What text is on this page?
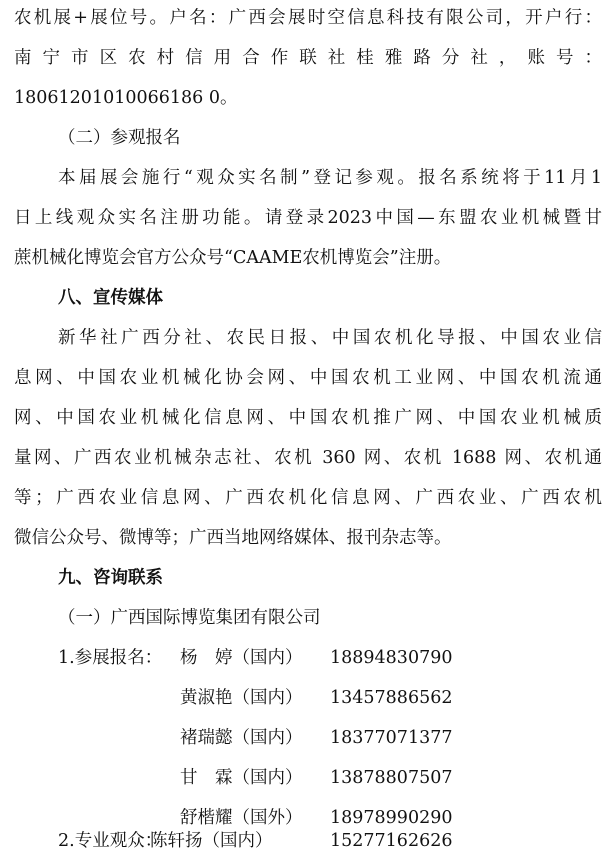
农机展+展位号。户名：广西会展时空信息科技有限公司，开户行：
南 宁 市 区 农 村 信 用 合 作 联 社 桂 雅 路 分 社 ， 账 号 ：
18061201010066186 0。
（二）参观报名
本届展会施行“观众实名制”登记参观。报名系统将于11月1
日上线观众实名注册功能。请登录2023中国—东盟农业机械暨甘
蔗机械化博览会官方公众号“CAAME农机博览会”注册。
八、宣传媒体
新华社广西分社、农民日报、中国农机化导报、中国农业信
息网、中国农业机械化协会网、中国农机工业网、中国农机流通
网、中国农业机械化信息网、中国农机推广网、中国农业机械质
量网、广西农业机械杂志社、农机 360 网、农机 1688 网、农机通
等；广西农业信息网、广西农机化信息网、广西农业、广西农机
微信公众号、微博等；广西当地网络媒体、报刊杂志等。
九、咨询联系
（一）广西国际博览集团有限公司
1.参展报名： 杨　婷（国内） 18894830790
黄淑艳（国内） 13457886562
褚瑞懿（国内） 18377071377
甘　霖（国内） 13878807507
舒楷耀（国外） 18978990290
2.专业观众：
陈轩扬（国内）	15277162626
